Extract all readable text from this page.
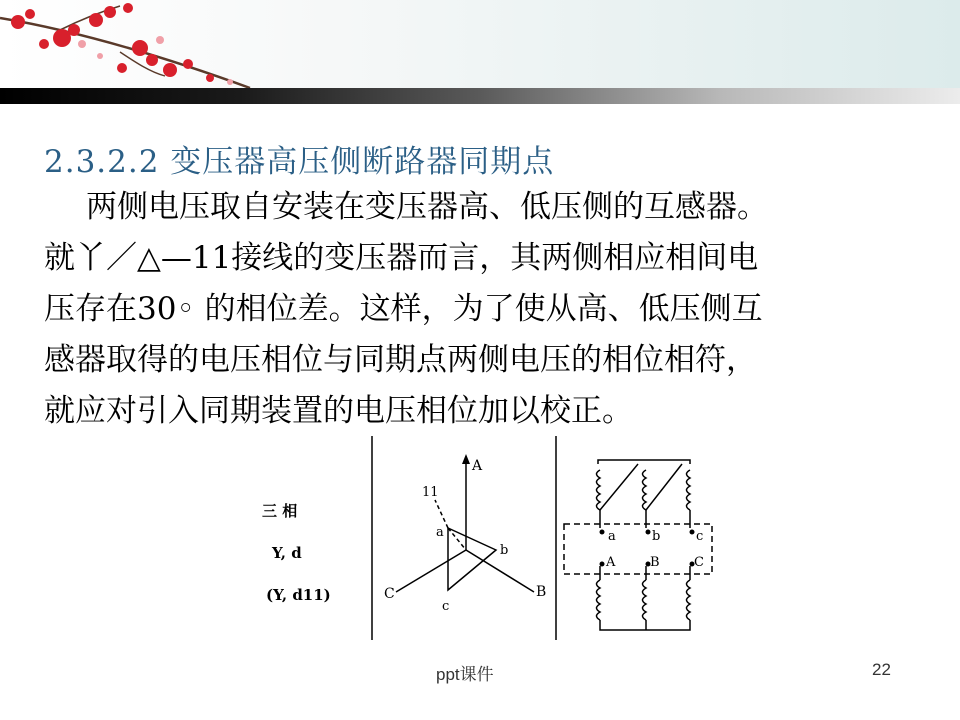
2.3.2.2 变压器高压侧断路器同期点
两侧电压取自安装在变压器高、低压侧的互感器。
就丫／△—11接线的变压器而言，其两侧相应相间电
压存在30◦ 的相位差。这样，为了使从高、低压侧互
感器取得的电压相位与同期点两侧电压的相位相符，
就应对引入同期装置的电压相位加以校正。
三 相
Y, d
(Y, d11)
A
B
C
a
b
c
11
a	b	c
A	B	C
ppt课件	22
